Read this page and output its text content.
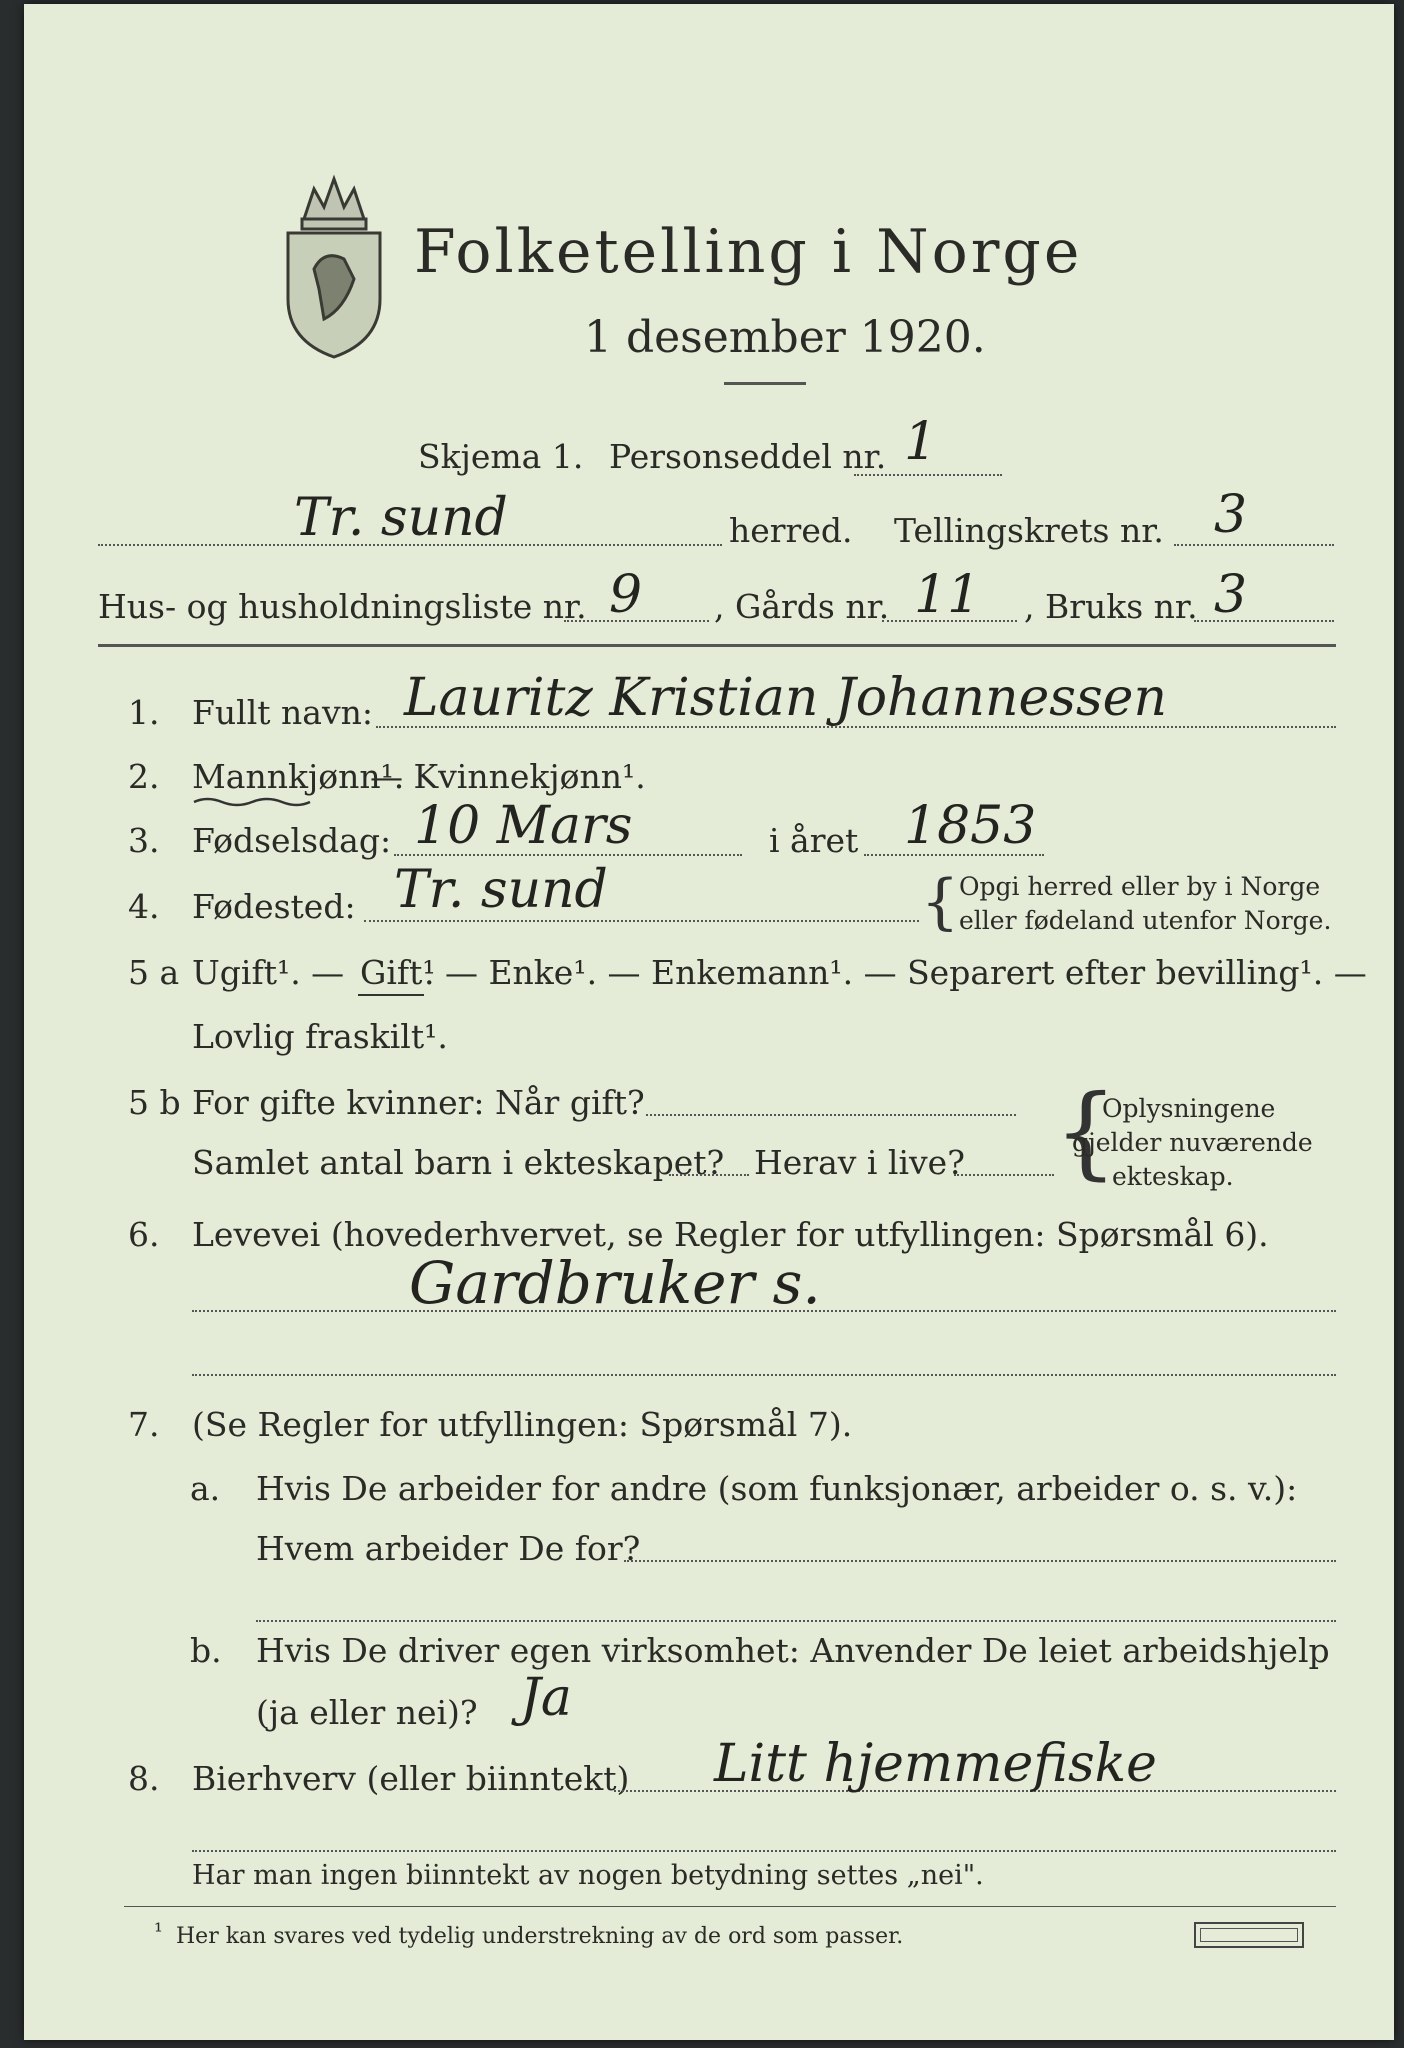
Folketelling i Norge
1 desember 1920.
Skjema 1. Personseddel nr. 1
Tr. sund	herred. Tellingskrets nr. 3
Hus- og husholdningsliste nr. 9 , Gårds nr. 11 , Bruks nr. 3
1. Fullt navn: Lauritz Kristian Johannessen
2. Mannkjønn¹.
— Kvinnekjønn¹.
3. Fødselsdag: 10 Mars	i året 1853
4. Fødested: Tr. sund	{ Opgi herred eller by i Norge
eller fødeland utenfor Norge.
5 a Ugift¹. — Gift¹
. — Enke¹. — Enkemann¹. — Separert efter bevilling¹. —
Lovlig fraskilt¹.
5 b For gifte kvinner: Når gift?
Samlet antal barn i ekteskapet? Herav i live? {
Oplysningene
gjelder nuværende
ekteskap.
6. Levevei (hovederhvervet, se Regler for utfyllingen: Spørsmål 6).
Gardbruker s.
7. (Se Regler for utfyllingen: Spørsmål 7).
a. Hvis De arbeider for andre (som funksjonær, arbeider o. s. v.):
Hvem arbeider De for?
b. Hvis De driver egen virksomhet: Anvender De leiet arbeidshjelp
(ja eller nei)? Ja
8. Bierhverv (eller biinntekt) Litt hjemmefiske
Har man ingen biinntekt av nogen betydning settes „nei".
¹ Her kan svares ved tydelig understrekning av de ord som passer.
